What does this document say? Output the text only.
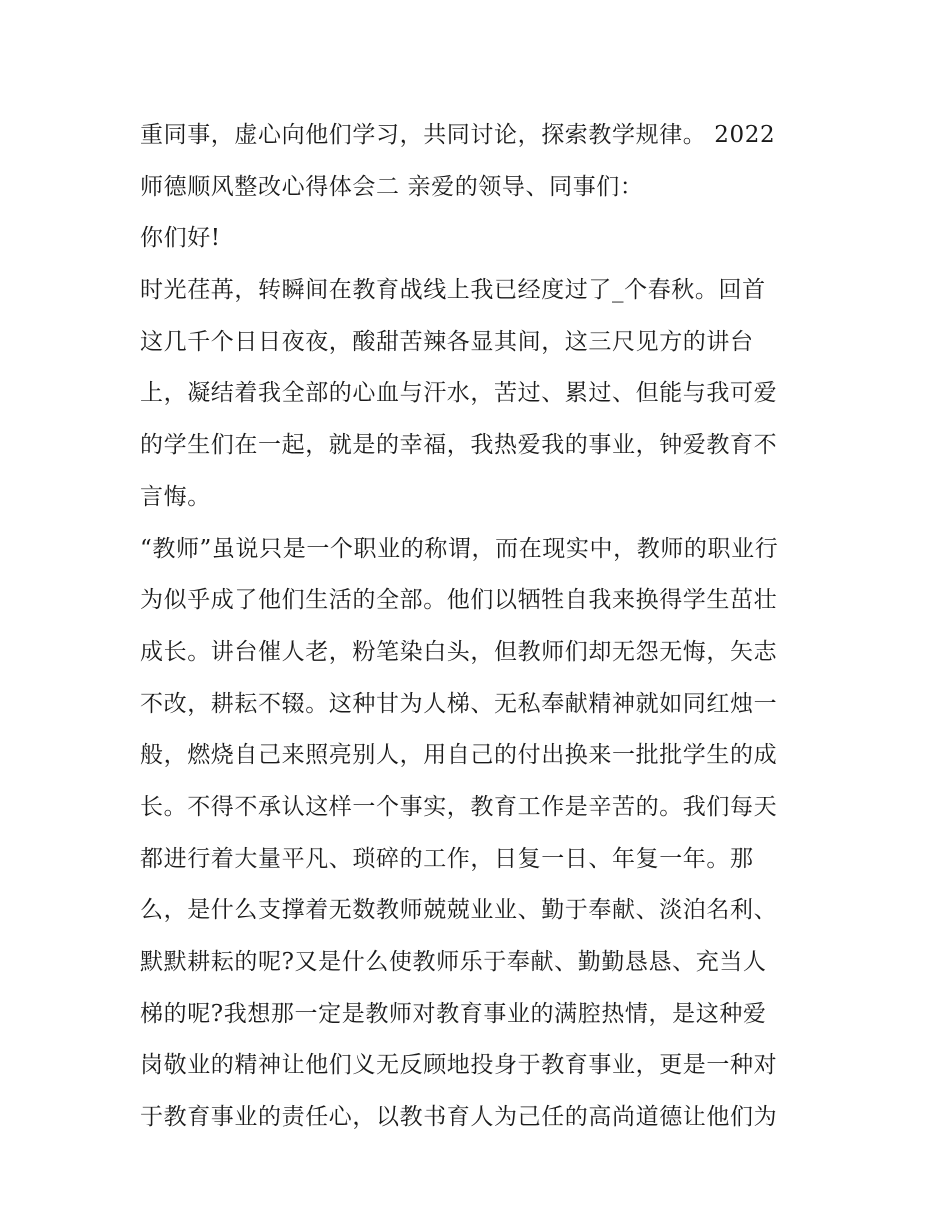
重同事，虚心向他们学习，共同讨论，探索教学规律。 2022
师德顺风整改心得体会二 亲爱的领导、同事们：
你们好!
时光荏苒，转瞬间在教育战线上我已经度过了_个春秋。回首
这几千个日日夜夜，酸甜苦辣各显其间，这三尺见方的讲台
上，凝结着我全部的心血与汗水，苦过、累过、但能与我可爱
的学生们在一起，就是的幸福，我热爱我的事业，钟爱教育不
言悔。
“教师”虽说只是一个职业的称谓，而在现实中，教师的职业行
为似乎成了他们生活的全部。他们以牺牲自我来换得学生茁壮
成长。讲台催人老，粉笔染白头，但教师们却无怨无悔，矢志
不改，耕耘不辍。这种甘为人梯、无私奉献精神就如同红烛一
般，燃烧自己来照亮别人，用自己的付出换来一批批学生的成
长。不得不承认这样一个事实，教育工作是辛苦的。我们每天
都进行着大量平凡、琐碎的工作，日复一日、年复一年。那
么，是什么支撑着无数教师兢兢业业、勤于奉献、淡泊名利、
默默耕耘的呢?又是什么使教师乐于奉献、勤勤恳恳、充当人
梯的呢?我想那一定是教师对教育事业的满腔热情，是这种爱
岗敬业的精神让他们义无反顾地投身于教育事业，更是一种对
于教育事业的责任心，以教书育人为己任的高尚道德让他们为
